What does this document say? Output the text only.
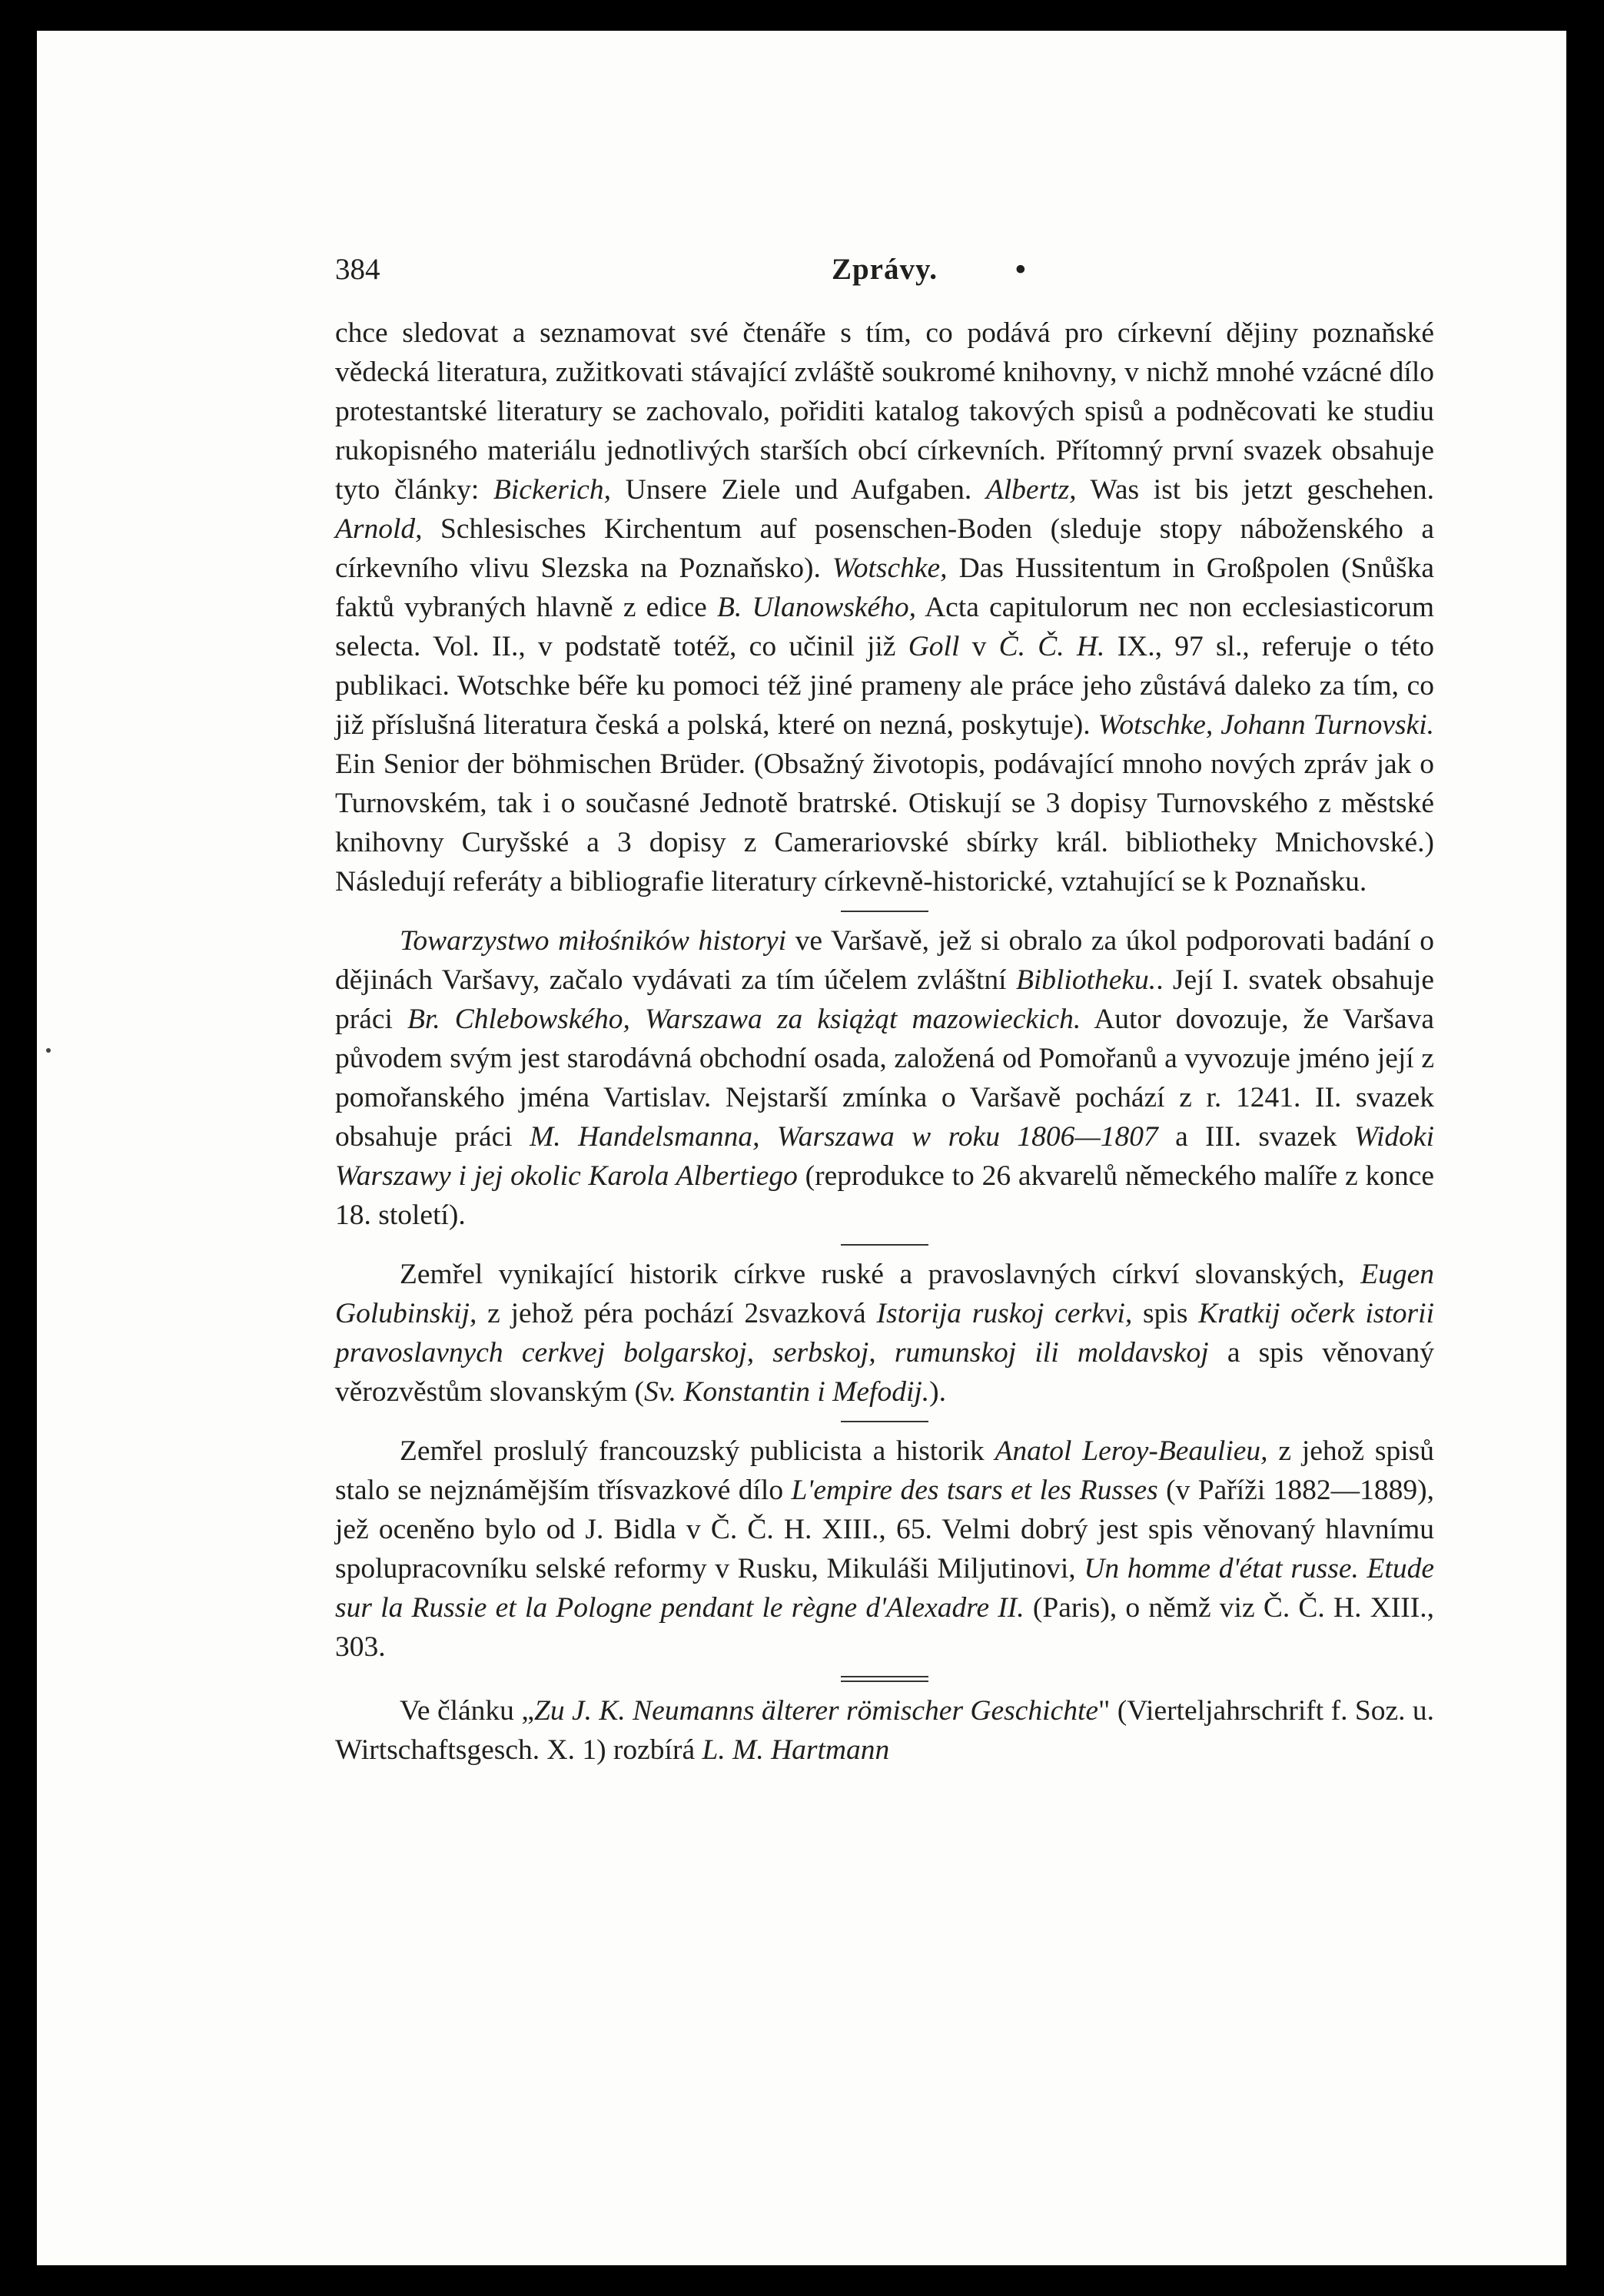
384	Zprávy.	•

chce sledovat a seznamovat své čtenáře s tím, co podává pro církevní dějiny poznaňské vědecká literatura, zužitkovati stávající zvláště soukromé knihovny, v nichž mnohé vzácné dílo protestantské literatury se zachovalo, pořiditi katalog takových spisů a podněcovati ke studiu rukopisného materiálu jednotlivých starších obcí církevních. Přítomný první svazek obsahuje tyto články: Bickerich, Unsere Ziele und Aufgaben. Albertz, Was ist bis jetzt geschehen. Arnold, Schlesisches Kirchentum auf posenschen-Boden (sleduje stopy náboženského a církevního vlivu Slezska na Poznaňsko). Wotschke, Das Hussitentum in Großpolen (Snůška faktů vybraných hlavně z edice B. Ulanowského, Acta capitulorum nec non ecclesiasticorum selecta. Vol. II., v podstatě totéž, co učinil již Goll v Č. Č. H. IX., 97 sl., referuje o této publikaci. Wotschke béře ku pomoci též jiné prameny ale práce jeho zůstává daleko za tím, co již příslušná literatura česká a polská, které on nezná, poskytuje). Wotschke, Johann Turnovski. Ein Senior der böhmischen Brüder. (Obsažný životopis, podávající mnoho nových zpráv jak o Turnovském, tak i o současné Jednotě bratrské. Otiskují se 3 dopisy Turnovského z městské knihovny Curyšské a 3 dopisy z Camerariovské sbírky král. bibliotheky Mnichovské.) Následují referáty a bibliografie literatury církevně-historické, vztahující se k Poznaňsku.

Towarzystwo miłośników historyi ve Varšavě, jež si obralo za úkol podporovati badání o dějinách Varšavy, začalo vydávati za tím účelem zvláštní Bibliotheku.. Její I. svatek obsahuje práci Br. Chlebowského, Warszawa za książąt mazowieckich. Autor dovozuje, že Varšava původem svým jest starodávná obchodní osada, založená od Pomořanů a vyvozuje jméno její z pomořanského jména Vartislav. Nejstarší zmínka o Varšavě pochází z r. 1241. II. svazek obsahuje práci M. Handelsmanna, Warszawa w roku 1806—1807 a III. svazek Widoki Warszawy i jej okolic Karola Albertiego (reprodukce to 26 akvarelů německého malíře z konce 18. století).

Zemřel vynikající historik církve ruské a pravoslavných církví slovanských, Eugen Golubinskij, z jehož péra pochází 2svazková Istorija ruskoj cerkvi, spis Kratkij očerk istorii pravoslavnych cerkvej bolgarskoj, serbskoj, rumunskoj ili moldavskoj a spis věnovaný věrozvěstům slovanským (Sv. Konstantin i Mefodij.).

Zemřel proslulý francouzský publicista a historik Anatol Leroy-Beaulieu, z jehož spisů stalo se nejznámějším třísvazkové dílo L'empire des tsars et les Russes (v Paříži 1882—1889), jež oceněno bylo od J. Bidla v Č. Č. H. XIII., 65. Velmi dobrý jest spis věnovaný hlavnímu spolupracovníku selské reformy v Rusku, Mikuláši Miljutinovi, Un homme d'état russe. Etude sur la Russie et la Pologne pendant le règne d'Alexadre II. (Paris), o němž viz Č. Č. H. XIII., 303.

Ve článku „Zu J. K. Neumanns älterer römischer Geschichte" (Vierteljahrschrift f. Soz. u. Wirtschaftsgesch. X. 1) rozbírá L. M. Hartmann
